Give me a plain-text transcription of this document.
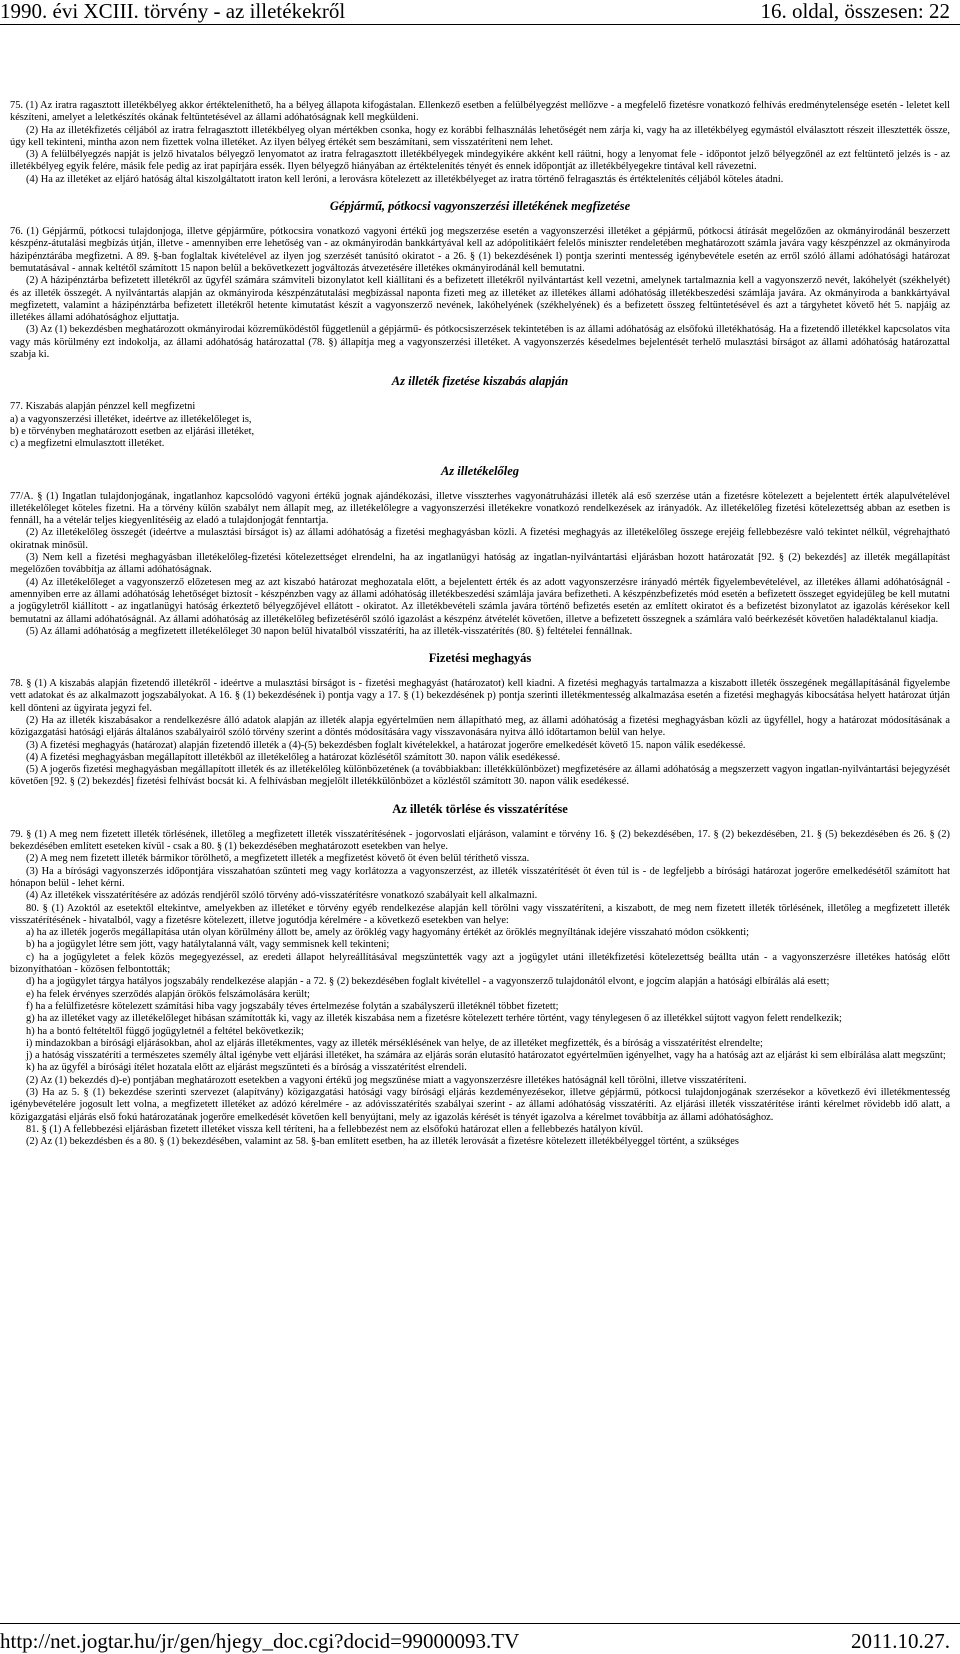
1990. évi XCIII. törvény - az illetékekről	16. oldal, összesen: 22

75. (1) Az iratra ragasztott illetékbélyeg akkor értékteleníthető, ha a bélyeg állapota kifogástalan. Ellenkező esetben a felülbélyegzést mellőzve - a megfelelő fizetésre vonatkozó felhívás eredménytelensége esetén - leletet kell készíteni, amelyet a leletkészítés okának feltüntetésével az állami adóhatóságnak kell megküldeni.

(2) Ha az illetékfizetés céljából az iratra felragasztott illetékbélyeg olyan mértékben csonka, hogy ez korábbi felhasználás lehetőségét nem zárja ki, vagy ha az illetékbélyeg egymástól elválasztott részeit illesztették össze, úgy kell tekinteni, mintha azon nem fizettek volna illetéket. Az ilyen bélyeg értékét sem beszámítani, sem visszatéríteni nem lehet.

(3) A felülbélyegzés napját is jelző hivatalos bélyegző lenyomatot az iratra felragasztott illetékbélyegek mindegyikére akként kell ráütni, hogy a lenyomat fele - időpontot jelző bélyegzőnél az ezt feltüntető jelzés is - az illetékbélyeg egyik felére, másik fele pedig az irat papírjára essék. Ilyen bélyegző hiányában az értéktelenítés tényét és ennek időpontját az illetékbélyegekre tintával kell rávezetni.

(4) Ha az illetéket az eljáró hatóság által kiszolgáltatott iraton kell leróni, a lerovásra kötelezett az illetékbélyeget az iratra történő felragasztás és értéktelenítés céljából köteles átadni.

Gépjármű, pótkocsi vagyonszerzési illetékének megfizetése

76. (1) Gépjármű, pótkocsi tulajdonjoga, illetve gépjárműre, pótkocsira vonatkozó vagyoni értékű jog megszerzése esetén a vagyonszerzési illetéket a gépjármű, pótkocsi átírását megelőzően az okmányirodánál beszerzett készpénz-átutalási megbízás útján, illetve - amennyiben erre lehetőség van - az okmányirodán bankkártyával kell az adópolitikáért felelős miniszter rendeletében meghatározott számla javára vagy készpénzzel az okmányiroda házipénztárába megfizetni. A 89. §-ban foglaltak kivételével az ilyen jog szerzését tanúsító okiratot - a 26. § (1) bekezdésének l) pontja szerinti mentesség igénybevétele esetén az erről szóló állami adóhatósági határozat bemutatásával - annak keltétől számított 15 napon belül a bekövetkezett jogváltozás átvezetésére illetékes okmányirodánál kell bemutatni.

(2) A házipénztárba befizetett illetékről az ügyfél számára számviteli bizonylatot kell kiállítani és a befizetett illetékről nyilvántartást kell vezetni, amelynek tartalmaznia kell a vagyonszerző nevét, lakóhelyét (székhelyét) és az illeték összegét. A nyilvántartás alapján az okmányiroda készpénzátutalási megbízással naponta fizeti meg az illetéket az illetékes állami adóhatóság illetékbeszedési számlája javára. Az okmányiroda a bankkártyával megfizetett, valamint a házipénztárba befizetett illetékről hetente kimutatást készít a vagyonszerző nevének, lakóhelyének (székhelyének) és a befizetett összeg feltüntetésével és azt a tárgyhetet követő hét 5. napjáig az illetékes állami adóhatósághoz eljuttatja.

(3) Az (1) bekezdésben meghatározott okmányirodai közreműködéstől függetlenül a gépjármű- és pótkocsiszerzések tekintetében is az állami adóhatóság az elsőfokú illetékhatóság. Ha a fizetendő illetékkel kapcsolatos vita vagy más körülmény ezt indokolja, az állami adóhatóság határozattal (78. §) állapítja meg a vagyonszerzési illetéket. A vagyonszerzés késedelmes bejelentését terhelő mulasztási bírságot az állami adóhatóság határozattal szabja ki.

Az illeték fizetése kiszabás alapján

77. Kiszabás alapján pénzzel kell megfizetni
a) a vagyonszerzési illetéket, ideértve az illetékelőleget is,
b) e törvényben meghatározott esetben az eljárási illetéket,
c) a megfizetni elmulasztott illetéket.

Az illetékelőleg

77/A. § (1) Ingatlan tulajdonjogának, ingatlanhoz kapcsolódó vagyoni értékű jognak ajándékozási, illetve visszterhes vagyonátruházási illeték alá eső szerzése után a fizetésre kötelezett a bejelentett érték alapulvételével illetékelőleget köteles fizetni. Ha a törvény külön szabályt nem állapít meg, az illetékelőlegre a vagyonszerzési illetékekre vonatkozó rendelkezések az irányadók. Az illetékelőleg fizetési kötelezettség abban az esetben is fennáll, ha a vételár teljes kiegyenlítéséig az eladó a tulajdonjogát fenntartja.

(2) Az illetékelőleg összegét (ideértve a mulasztási bírságot is) az állami adóhatóság a fizetési meghagyásban közli. A fizetési meghagyás az illetékelőleg összege erejéig fellebbezésre való tekintet nélkül, végrehajtható okiratnak minősül.

(3) Nem kell a fizetési meghagyásban illetékelőleg-fizetési kötelezettséget elrendelni, ha az ingatlanügyi hatóság az ingatlan-nyilvántartási eljárásban hozott határozatát [92. § (2) bekezdés] az illeték megállapítást megelőzően továbbítja az állami adóhatóságnak.

(4) Az illetékelőleget a vagyonszerző előzetesen meg az azt kiszabó határozat meghozatala előtt, a bejelentett érték és az adott vagyonszerzésre irányadó mérték figyelembevételével, az illetékes állami adóhatóságnál - amennyiben erre az állami adóhatóság lehetőséget biztosít - készpénzben vagy az állami adóhatóság illetékbeszedési számlája javára befizetheti. A készpénzbefizetés mód esetén a befizetett összeget egyidejűleg be kell mutatni a jogügyletről kiállított - az ingatlanügyi hatóság érkeztető bélyegzőjével ellátott - okiratot. Az illetékbevételi számla javára történő befizetés esetén az említett okiratot és a befizetést bizonylatot az igazolás kérésekor kell bemutatni az állami adóhatóságnál. Az állami adóhatóság az illetékelőleg befizetéséről szóló igazolást a készpénz átvételét követően, illetve a befizetett összegnek a számlára való beérkezését követően haladéktalanul kiadja.

(5) Az állami adóhatóság a megfizetett illetékelőleget 30 napon belül hivatalból visszatéríti, ha az illeték-visszatérítés (80. §) feltételei fennállnak.

Fizetési meghagyás

78. § (1) A kiszabás alapján fizetendő illetékről - ideértve a mulasztási bírságot is - fizetési meghagyást (határozatot) kell kiadni. A fizetési meghagyás tartalmazza a kiszabott illeték összegének megállapításánál figyelembe vett adatokat és az alkalmazott jogszabályokat. A 16. § (1) bekezdésének i) pontja vagy a 17. § (1) bekezdésének p) pontja szerinti illetékmentesség alkalmazása esetén a fizetési meghagyás kibocsátása helyett határozat útján kell dönteni az ügyirata jegyzi fel.

(2) Ha az illeték kiszabásakor a rendelkezésre álló adatok alapján az illeték alapja egyértelműen nem állapítható meg, az állami adóhatóság a fizetési meghagyásban közli az ügyféllel, hogy a határozat módosításának a közigazgatási hatósági eljárás általános szabályairól szóló törvény szerint a döntés módosítására vagy visszavonására nyitva álló időtartamon belül van helye.

(3) A fizetési meghagyás (határozat) alapján fizetendő illeték a (4)-(5) bekezdésben foglalt kivételekkel, a határozat jogerőre emelkedését követő 15. napon válik esedékessé.

(4) A fizetési meghagyásban megállapított illetékből az illetékelőleg a határozat közlésétől számított 30. napon válik esedékessé.

(5) A jogerős fizetési meghagyásban megállapított illeték és az illetékelőleg különbözetének (a továbbiakban: illetékkülönbözet) megfizetésére az állami adóhatóság a megszerzett vagyon ingatlan-nyilvántartási bejegyzését követően [92. § (2) bekezdés] fizetési felhívást bocsát ki. A felhívásban megjelölt illetékkülönbözet a közléstől számított 30. napon válik esedékessé.

Az illeték törlése és visszatérítése

79. § (1) A meg nem fizetett illeték törlésének, illetőleg a megfizetett illeték visszatérítésének - jogorvoslati eljáráson, valamint e törvény 16. § (2) bekezdésében, 17. § (2) bekezdésében, 21. § (5) bekezdésében és 26. § (2) bekezdésében említett eseteken kívül - csak a 80. § (1) bekezdésében meghatározott esetekben van helye.

(2) A meg nem fizetett illeték bármikor törölhető, a megfizetett illeték a megfizetést követő öt éven belül téríthető vissza.

(3) Ha a bírósági vagyonszerzés időpontjára visszahatóan szűnteti meg vagy korlátozza a vagyonszerzést, az illeték visszatérítését öt éven túl is - de legfeljebb a bírósági határozat jogerőre emelkedésétől számított hat hónapon belül - lehet kérni.

(4) Az illetékek visszatérítésére az adózás rendjéről szóló törvény adó-visszatérítésre vonatkozó szabályait kell alkalmazni.

80. § (1) Azoktól az esetektől eltekintve, amelyekben az illetéket e törvény egyéb rendelkezése alapján kell törölni vagy visszatéríteni, a kiszabott, de meg nem fizetett illeték törlésének, illetőleg a megfizetett illeték visszatérítésének - hivatalból, vagy a fizetésre kötelezett, illetve jogutódja kérelmére - a következő esetekben van helye:

a) ha az illeték jogerős megállapítása után olyan körülmény állott be, amely az öröklég vagy hagyomány értékét az öröklés megnyíltának idejére visszaható módon csökkenti;

b) ha a jogügylet létre sem jött, vagy hatálytalanná vált, vagy semmisnek kell tekinteni;

c) ha a jogügyletet a felek közös megegyezéssel, az eredeti állapot helyreállításával megszüntették vagy azt a jogügylet utáni illetékfizetési kötelezettség beállta után - a vagyonszerzésre illetékes hatóság előtt bizonyíthatóan - közösen felbontották;

d) ha a jogügylet tárgya hatályos jogszabály rendelkezése alapján - a 72. § (2) bekezdésében foglalt kivétellel - a vagyonszerző tulajdonától elvont, e jogcím alapján a hatósági elbírálás alá esett;

e) ha felek érvényes szerződés alapján örökös felszámolására került;

f) ha a felülfizetésre kötelezett számítási hiba vagy jogszabály téves értelmezése folytán a szabályszerű illetéknél többet fizetett;

g) ha az illetéket vagy az illetékelőleget hibásan számították ki, vagy az illeték kiszabása nem a fizetésre kötelezett terhére történt, vagy ténylegesen ő az illetékkel sújtott vagyon felett rendelkezik;

h) ha a bontó feltételtől függő jogügyletnél a feltétel bekövetkezik;

i) mindazokban a bírósági eljárásokban, ahol az eljárás illetékmentes, vagy az illeték mérséklésének van helye, de az illetéket megfizették, és a bíróság a visszatérítést elrendelte;

j) a hatóság visszatéríti a természetes személy által igénybe vett eljárási illetéket, ha számára az eljárás során elutasító határozatot egyértelműen igényelhet, vagy ha a hatóság azt az eljárást ki sem elbírálása alatt megszűnt;

k) ha az ügyfél a bírósági ítélet hozatala előtt az eljárást megszünteti és a bíróság a visszatérítést elrendeli.

(2) Az (1) bekezdés d)-e) pontjában meghatározott esetekben a vagyoni értékű jog megszűnése miatt a vagyonszerzésre illetékes hatóságnál kell törölni, illetve visszatéríteni.

(3) Ha az 5. § (1) bekezdése szerinti szervezet (alapítvány) közigazgatási hatósági vagy bírósági eljárás kezdeményezésekor, illetve gépjármű, pótkocsi tulajdonjogának szerzésekor a következő évi illetékmentesség igénybevételére jogosult lett volna, a megfizetett illetéket az adózó kérelmére - az adóvisszatérítés szabályai szerint - az állami adóhatóság visszatéríti. Az eljárási illeték visszatérítése iránti kérelmet rövidebb idő alatt, a közigazgatási eljárás első fokú határozatának jogerőre emelkedését követően kell benyújtani, mely az igazolás kérését is tényét igazolva a kérelmet továbbítja az állami adóhatósághoz.

81. § (1) A fellebbezési eljárásban fizetett illetéket vissza kell téríteni, ha a fellebbezést nem az elsőfokú határozat ellen a fellebbezés hatályon kívül.

(2) Az (1) bekezdésben és a 80. § (1) bekezdésében, valamint az 58. §-ban említett esetben, ha az illeték lerovását a fizetésre kötelezett illetékbélyeggel történt, a szükséges

http://net.jogtar.hu/jr/gen/hjegy_doc.cgi?docid=99000093.TV	2011.10.27.
